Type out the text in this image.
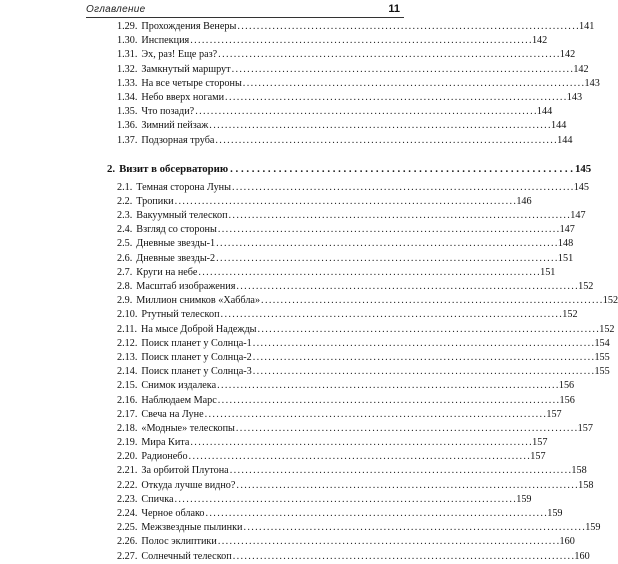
Оглавление	11
1.29. Прохождения Венеры . . .	141
1.30. Инспекция . . .	142
1.31. Эх, раз! Еще раз? . . .	142
1.32. Замкнутый маршрут . . .	142
1.33. На все четыре стороны . . .	143
1.34. Небо вверх ногами . . .	143
1.35. Что позади? . . .	144
1.36. Зимний пейзаж . . .	144
1.37. Подзорная труба . . .	144
2. Визит в обсерваторию . . .	145
2.1. Темная сторона Луны . . .	145
2.2. Тропики . . .	146
2.3. Вакуумный телескоп . . .	147
2.4. Взгляд со стороны . . .	147
2.5. Дневные звезды-1 . . .	148
2.6. Дневные звезды-2 . . .	151
2.7. Круги на небе . . .	151
2.8. Масштаб изображения . . .	152
2.9. Миллион снимков «Хаббла» . . .	152
2.10. Ртутный телескоп . . .	152
2.11. На мысе Доброй Надежды . . .	152
2.12. Поиск планет у Солнца-1 . . .	154
2.13. Поиск планет у Солнца-2 . . .	155
2.14. Поиск планет у Солнца-3 . . .	155
2.15. Снимок издалека . . .	156
2.16. Наблюдаем Марс . . .	156
2.17. Свеча на Луне . . .	157
2.18. «Модные» телескопы . . .	157
2.19. Мира Кита . . .	157
2.20. Радионебо . . .	157
2.21. За орбитой Плутона . . .	158
2.22. Откуда лучше видно? . . .	158
2.23. Спичка . . .	159
2.24. Черное облако . . .	159
2.25. Межзвездные пылинки . . .	159
2.26. Полос эклиптики . . .	160
2.27. Солнечный телескоп . . .	160
